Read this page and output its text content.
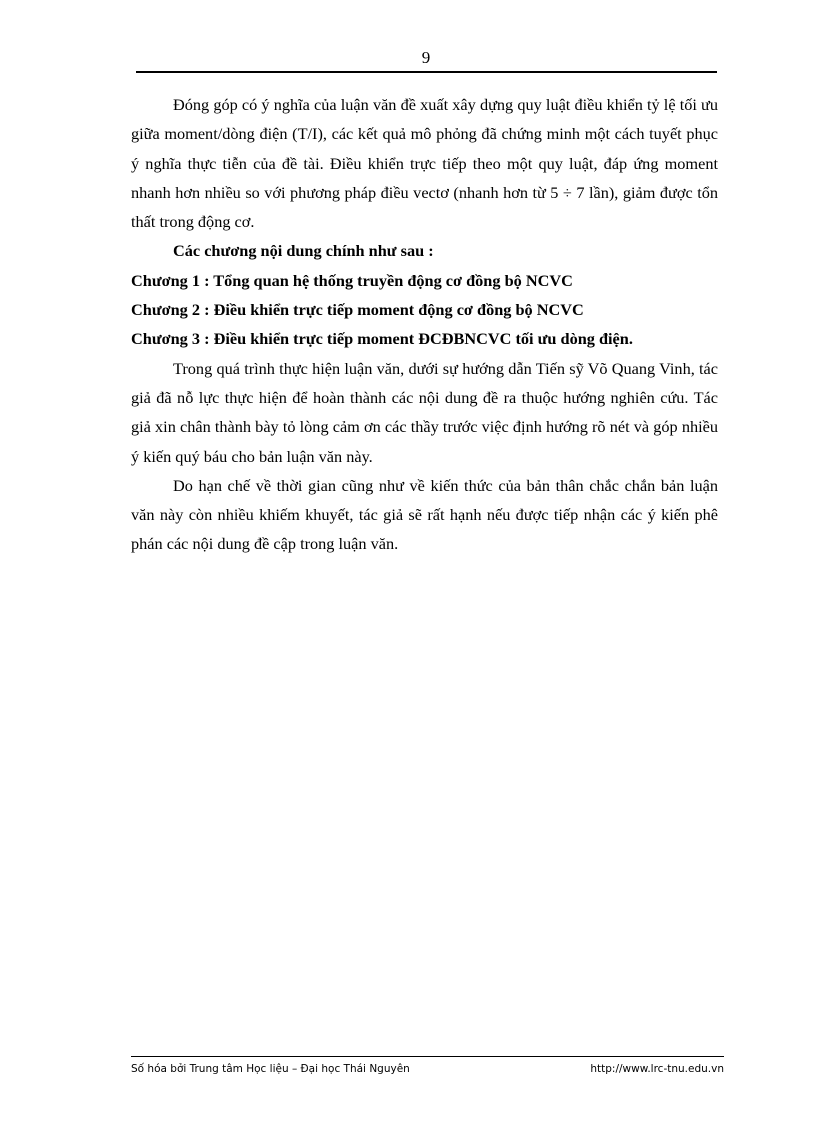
9

Đóng góp có ý nghĩa của luận văn đề xuất xây dựng quy luật điều khiển tỷ lệ tối ưu giữa moment/dòng điện (T/I), các kết quả mô phỏng đã chứng minh một cách tuyết phục ý nghĩa thực tiễn của đề tài. Điều khiển trực tiếp theo một quy luật, đáp ứng moment nhanh hơn nhiều so với phương pháp điều vectơ (nhanh hơn từ 5 ÷ 7 lần), giảm được tổn thất trong động cơ.

Các chương nội dung chính như sau :

Chương 1 : Tổng quan hệ thống truyền động cơ đồng bộ NCVC

Chương 2 : Điều khiển trực tiếp moment động cơ đồng bộ NCVC

Chương 3 : Điều khiển trực tiếp moment ĐCĐBNCVC tối ưu dòng điện.

Trong quá trình thực hiện luận văn, dưới sự hướng dẫn Tiến sỹ Võ Quang Vinh, tác giả đã nỗ lực thực hiện để hoàn thành các nội dung đề ra thuộc hướng nghiên cứu. Tác giả xin chân thành bày tỏ lòng cảm ơn các thầy trước việc định hướng rõ nét và góp nhiều ý kiến quý báu cho bản luận văn này.

Do hạn chế về thời gian cũng như về kiến thức của bản thân chắc chắn bản luận văn này còn nhiều khiếm khuyết, tác giả sẽ rất hạnh nếu được tiếp nhận các ý kiến phê phán các nội dung đề cập trong luận văn.

Số hóa bởi Trung tâm Học liệu – Đại học Thái Nguyên	http://www.lrc-tnu.edu.vn
